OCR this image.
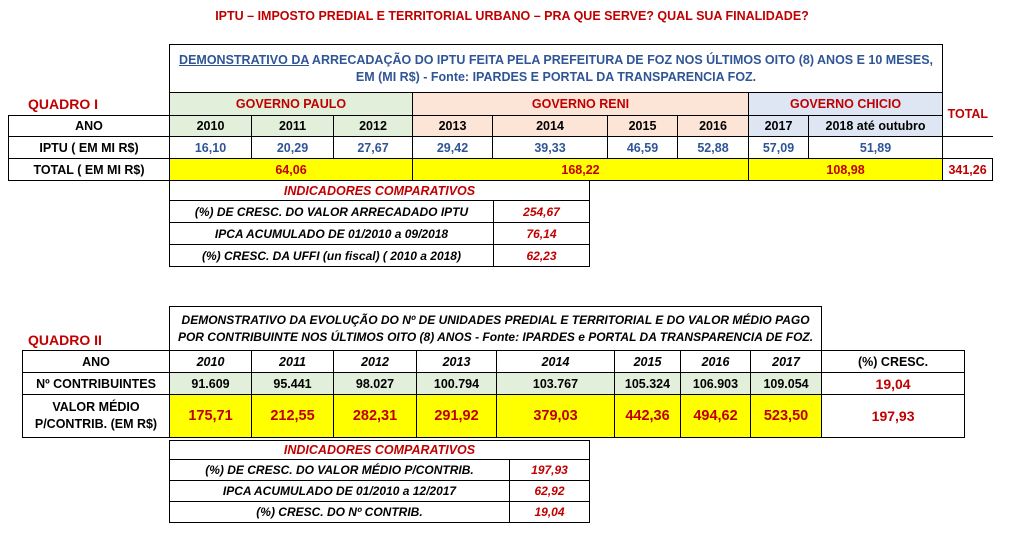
IPTU – IMPOSTO PREDIAL E TERRITORIAL URBANO – PRA QUE SERVE? QUAL SUA FINALIDADE?
QUADRO I
	DEMONSTRATIVO DA ARRECADAÇÃO DO IPTU FEITA PELA PREFEITURA DE FOZ NOS ÚLTIMOS OITO (8) ANOS E 10 MESES, EM (MI R$) - Fonte: IPARDES E PORTAL DA TRANSPARENCIA FOZ.									
	GOVERNO PAULO			GOVERNO RENI				GOVERNO CHICIO		TOTAL
ANO	2010	2011	2012	2013	2014	2015	2016	2017	2018 até outubro	
IPTU ( EM MI R$)	16,10	20,29	27,67	29,42	39,33	46,59	52,88	57,09	51,89	
TOTAL ( EM MI R$)	64,06			168,22				108,98		341,26
INDICADORES COMPARATIVOS	
(%) DE CRESC. DO VALOR ARRECADADO IPTU	254,67
IPCA ACUMULADO DE 01/2010 a 09/2018	76,14
(%) CRESC. DA UFFI (un fiscal) ( 2010 a 2018)	62,23
QUADRO II
	DEMONSTRATIVO DA EVOLUÇÃO DO Nº DE UNIDADES PREDIAL E TERRITORIAL E DO VALOR MÉDIO PAGO POR CONTRIBUINTE NOS ÚLTIMOS OITO (8) ANOS - Fonte: IPARDES e PORTAL DA TRANSPARENCIA DE FOZ.								
ANO	2010	2011	2012	2013	2014	2015	2016	2017	(%) CRESC.
Nº CONTRIBUINTES	91.609	95.441	98.027	100.794	103.767	105.324	106.903	109.054	19,04
VALOR MÉDIO P/CONTRIB. (EM R$)	175,71	212,55	282,31	291,92	379,03	442,36	494,62	523,50	197,93
INDICADORES COMPARATIVOS	
(%) DE CRESC. DO VALOR MÉDIO P/CONTRIB.	197,93
IPCA ACUMULADO DE 01/2010 a 12/2017	62,92
(%) CRESC. DO Nº CONTRIB.	19,04
